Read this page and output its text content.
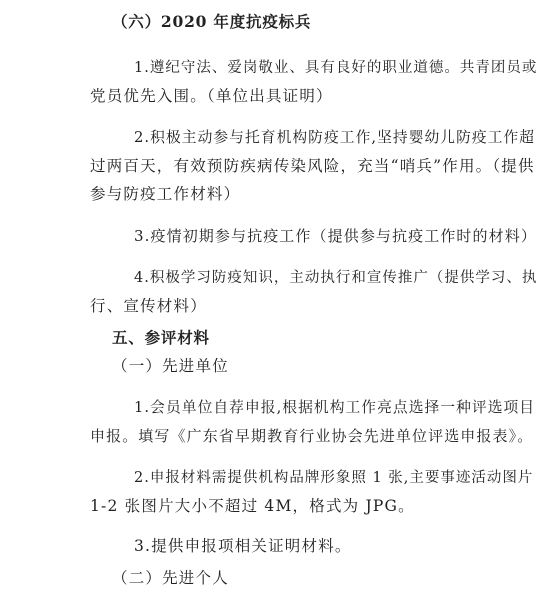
（六）2020 年度抗疫标兵
1.遵纪守法、爱岗敬业、具有良好的职业道德。共青团员或
党员优先入围。（单位出具证明）
2.积极主动参与托育机构防疫工作,坚持婴幼儿防疫工作超
过两百天，有效预防疾病传染风险，充当“哨兵”作用。（提供
参与防疫工作材料）
3.疫情初期参与抗疫工作（提供参与抗疫工作时的材料）
4.积极学习防疫知识，主动执行和宣传推广（提供学习、执
行、宣传材料）
五、参评材料
（一）先进单位
1.会员单位自荐申报,根据机构工作亮点选择一种评选项目
申报。填写《广东省早期教育行业协会先进单位评选申报表》。
2.申报材料需提供机构品牌形象照 1 张,主要事迹活动图片
1-2 张图片大小不超过 4M，格式为 JPG。
3.提供申报项相关证明材料。
（二）先进个人
